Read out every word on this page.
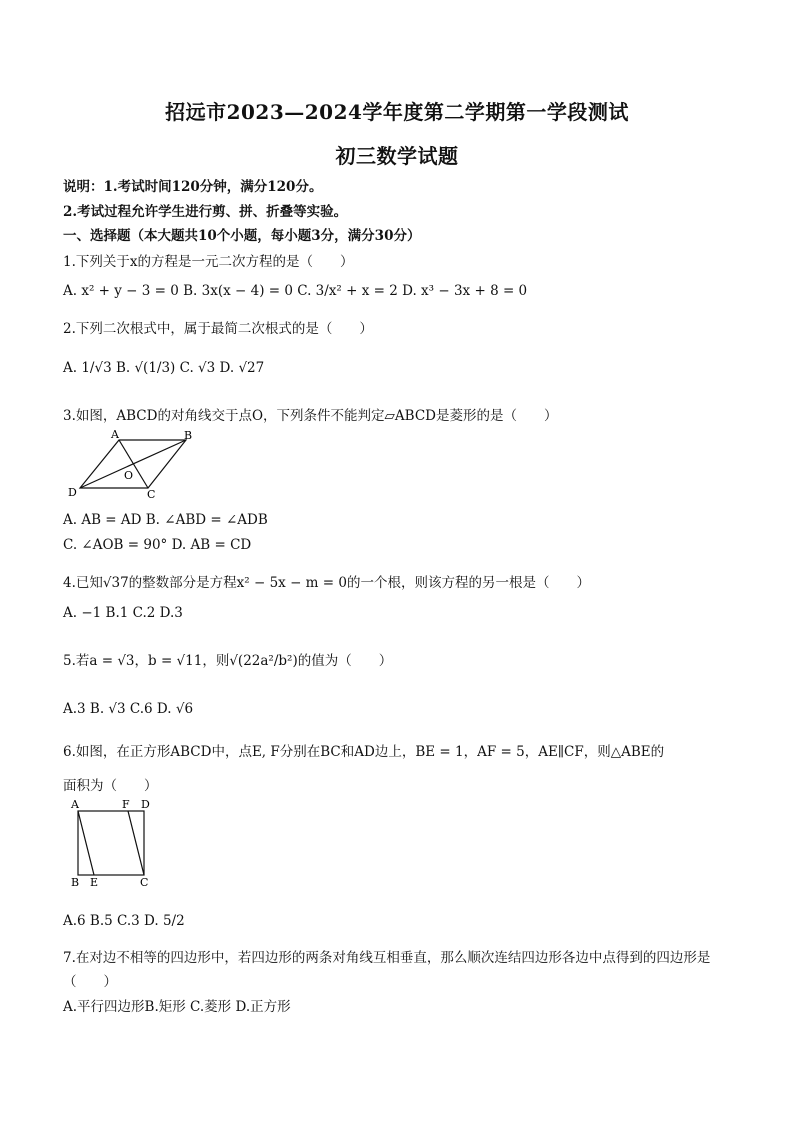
招远市2023—2024学年度第二学期第一学段测试
初三数学试题
说明：1.考试时间120分钟，满分120分。
2.考试过程允许学生进行剪、拼、折叠等实验。
一、选择题（本大题共10个小题，每小题3分，满分30分）
1.下列关于x的方程是一元二次方程的是（　　）
A. x² + y − 3 = 0 B. 3x(x − 4) = 0 C. 3/x² + x = 2 D. x³ − 3x + 8 = 0
2.下列二次根式中，属于最简二次根式的是（　　）
A. 1/√3 B. √(1/3) C. √3 D. √27
3.如图，ABCD的对角线交于点O，下列条件不能判定▱ABCD是菱形的是（　　）
A	B
C
D
O
A. AB = AD B. ∠ABD = ∠ADB
C. ∠AOB = 90° D. AB = CD
4.已知√37的整数部分是方程x² − 5x − m = 0的一个根，则该方程的另一根是（　　）
A. −1 B.1 C.2 D.3
5.若a = √3，b = √11，则√(22a²/b²)的值为（　　）
A.3 B. √3 C.6 D. √6
6.如图，在正方形ABCD中，点E, F分别在BC和AD边上，BE = 1，AF = 5，AE∥CF，则△ABE的
面积为（　　）
A	F D
B E	C
A.6 B.5 C.3 D. 5/2
7.在对边不相等的四边形中，若四边形的两条对角线互相垂直，那么顺次连结四边形各边中点得到的四边形是
（　　）
A.平行四边形B.矩形 C.菱形 D.正方形
